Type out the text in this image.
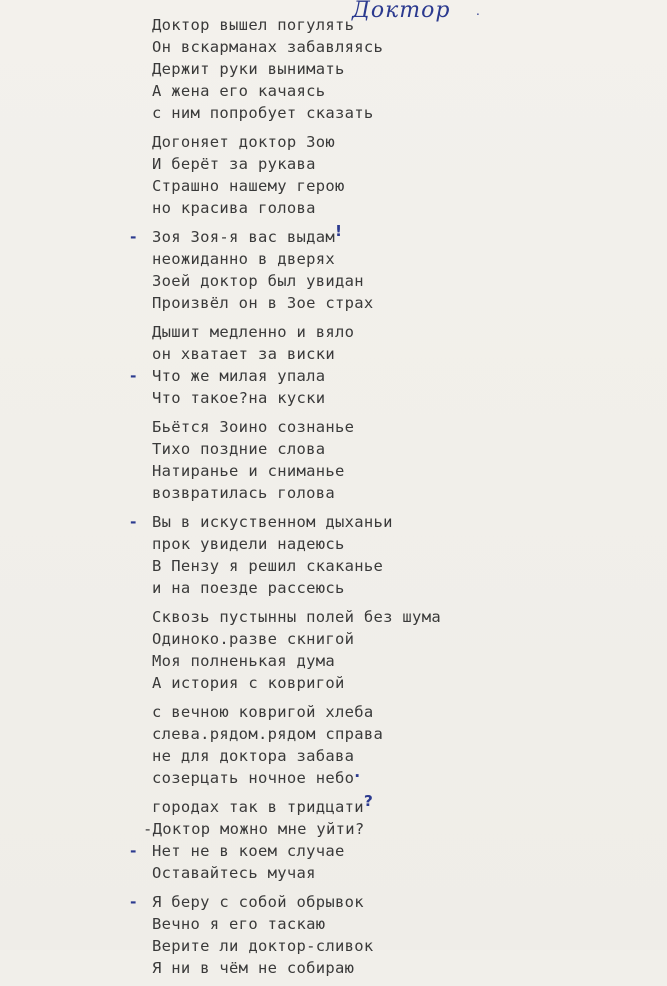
Доктор .
Доктор вышел погулять
Он вскарманах забавляясь
Держит руки вынимать
А жена его качаясь
с ним попробует сказать
Догоняет доктор Зою
И берёт за рукава
Страшно нашему герою
но красива голова
- Зоя Зоя-я вас выдам!
неожиданно в дверях
Зоей доктор был увидан
Произвёл он в Зое страх
Дышит медленно и вяло
он хватает за виски
- Что же милая упала
Что такое?на куски
Бьётся Зоино сознанье
Тихо поздние слова
Натиранье и сниманье
возвратилась голова
- Вы в искуственном дыханьи
прок увидели надеюсь
В Пензу я решил скаканье
и на поезде рассеюсь
Сквозь пустынны полей без шума
Одиноко.разве скнигой
Моя полненькая дума
А история с ковригой
с вечною ковригой хлеба
слева.рядом.рядом справа
не для доктора забава
созерцать ночное небо.
городах так в тридцати?
-Доктор можно мне уйти?
- Нет не в коем случае
Оставайтесь мучая
- Я беру с собой обрывок
Вечно я его таскаю
Верите ли доктор-сливок
Я ни в чём не собираю
